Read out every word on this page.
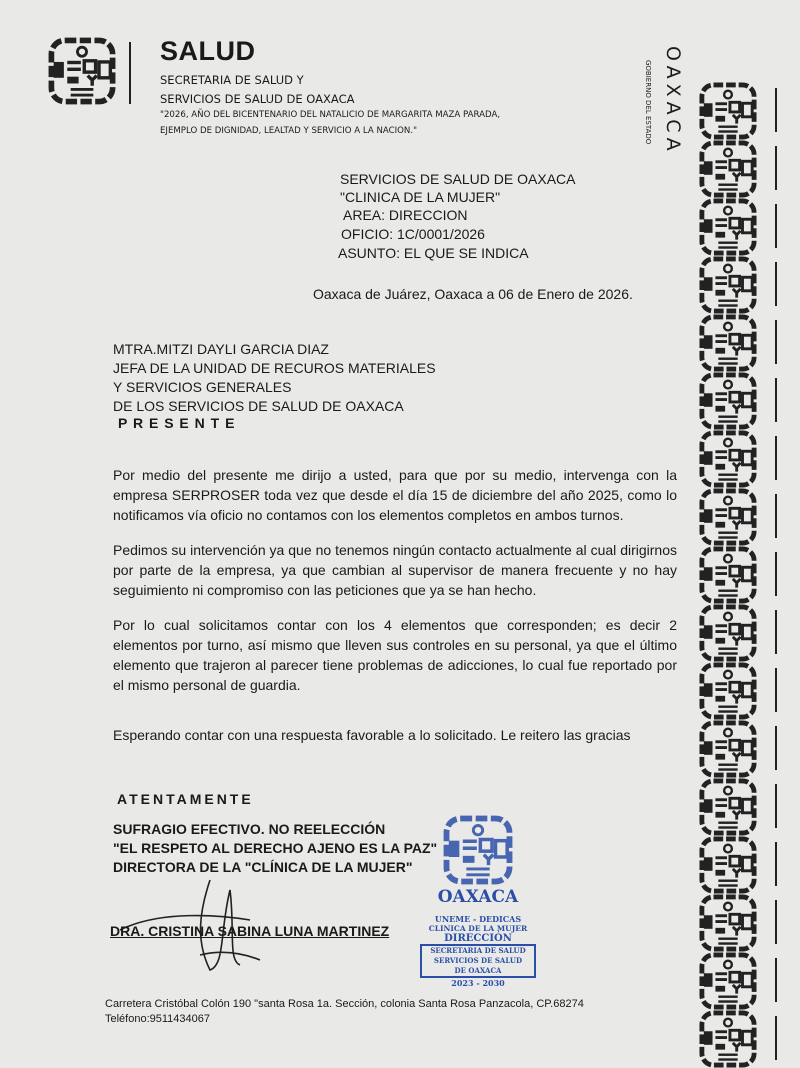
SALUD
SECRETARIA DE SALUD Y
SERVICIOS DE SALUD DE OAXACA
"2026, AÑO DEL BICENTENARIO DEL NATALICIO DE MARGARITA MAZA PARADA,
EJEMPLO DE DIGNIDAD, LEALTAD Y SERVICIO A LA NACION."	OAXACA
GOBIERNO DEL ESTADO
SERVICIOS DE SALUD DE OAXACA
"CLINICA DE LA MUJER"
AREA: DIRECCION
OFICIO: 1C/0001/2026
ASUNTO: EL QUE SE INDICA
Oaxaca de Juárez, Oaxaca a 06 de Enero de 2026.
MTRA.MITZI DAYLI GARCIA DIAZ
JEFA DE LA UNIDAD DE RECUROS MATERIALES
Y SERVICIOS GENERALES
DE LOS SERVICIOS DE SALUD DE OAXACA
P R E S E N T E
Por medio del presente me dirijo a usted, para que por su medio, intervenga con la empresa SERPROSER toda vez que desde el día 15 de diciembre del año 2025, como lo notificamos vía oficio no contamos con los elementos completos en ambos turnos.
Pedimos su intervención ya que no tenemos ningún contacto actualmente al cual dirigirnos por parte de la empresa, ya que cambian al supervisor de manera frecuente y no hay seguimiento ni compromiso con las peticiones que ya se han hecho.
Por lo cual solicitamos contar con los 4 elementos que corresponden; es decir 2 elementos por turno, así mismo que lleven sus controles en su personal, ya que el último elemento que trajeron al parecer tiene problemas de adicciones, lo cual fue reportado por el mismo personal de guardia.
Esperando contar con una respuesta favorable a lo solicitado. Le reitero las gracias
ATENTAMENTE
SUFRAGIO EFECTIVO. NO REELECCIÓN
"EL RESPETO AL DERECHO AJENO ES LA PAZ"
DIRECTORA DE LA "CLÍNICA DE LA MUJER"
DRA. CRISTINA SABINA LUNA MARTINEZ
OAXACA
UNEME - DEDICAS
CLINICA DE LA MUJER
DIRECCIÓN
SECRETARIA DE SALUD
SERVICIOS DE SALUD
DE OAXACA
2023 - 2030
Carretera Cristóbal Colón 190 "santa Rosa 1a. Sección, colonia Santa Rosa Panzacola, CP.68274
Teléfono:9511434067
